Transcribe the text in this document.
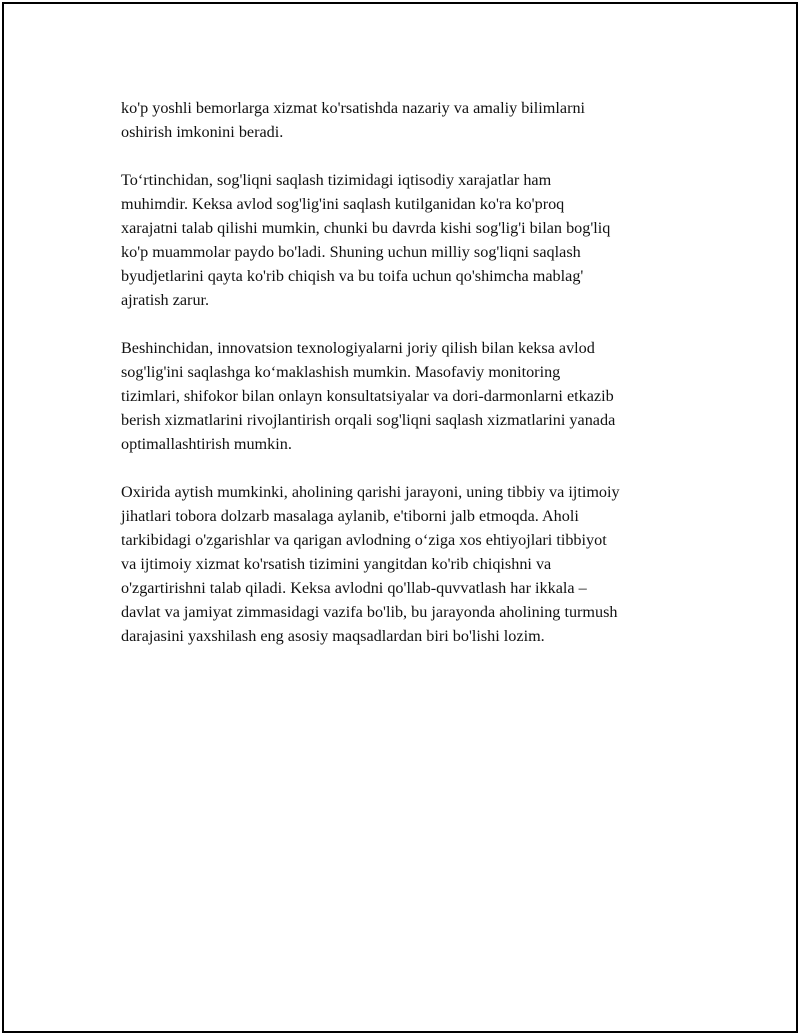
ko'p yoshli bemorlarga xizmat ko'rsatishda nazariy va amaliy bilimlarni
oshirish imkonini beradi.

To‘rtinchidan, sog'liqni saqlash tizimidagi iqtisodiy xarajatlar ham
muhimdir. Keksa avlod sog'lig'ini saqlash kutilganidan ko'ra ko'proq
xarajatni talab qilishi mumkin, chunki bu davrda kishi sog'lig'i bilan bog'liq
ko'p muammolar paydo bo'ladi. Shuning uchun milliy sog'liqni saqlash
byudjetlarini qayta ko'rib chiqish va bu toifa uchun qo'shimcha mablag'
ajratish zarur.

Beshinchidan, innovatsion texnologiyalarni joriy qilish bilan keksa avlod
sog'lig'ini saqlashga ko‘maklashish mumkin. Masofaviy monitoring
tizimlari, shifokor bilan onlayn konsultatsiyalar va dori-darmonlarni etkazib
berish xizmatlarini rivojlantirish orqali sog'liqni saqlash xizmatlarini yanada
optimallashtirish mumkin.

Oxirida aytish mumkinki, aholining qarishi jarayoni, uning tibbiy va ijtimoiy
jihatlari tobora dolzarb masalaga aylanib, e'tiborni jalb etmoqda. Aholi
tarkibidagi o'zgarishlar va qarigan avlodning o‘ziga xos ehtiyojlari tibbiyot
va ijtimoiy xizmat ko'rsatish tizimini yangitdan ko'rib chiqishni va
o'zgartirishni talab qiladi. Keksa avlodni qo'llab-quvvatlash har ikkala –
davlat va jamiyat zimmasidagi vazifa bo'lib, bu jarayonda aholining turmush
darajasini yaxshilash eng asosiy maqsadlardan biri bo'lishi lozim.
